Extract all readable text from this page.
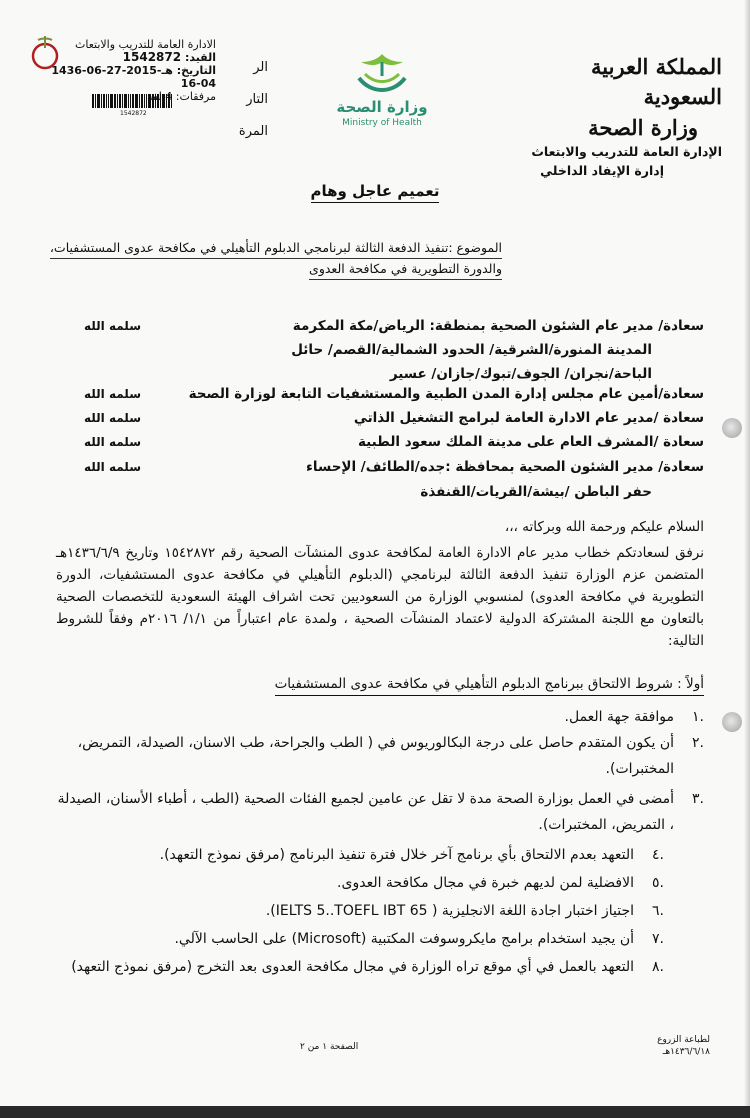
المملكة العربية السعودية
وزارة الصحة
الإدارة العامة للتدريب والابتعاث
إدارة الإيفاد الداخلي
وزارة الصحة
Ministry of Health
الادارة العامة للتدريب والابتعاث
القيد: 1542872
التاريخ: 1436-06-27هـ-2015-04-16
مرفقات:
1542872
الر
التار
المرة
تعميم عاجل وهام
الموضوع :تنفيذ الدفعة الثالثة لبرنامجي الدبلوم التأهيلي في مكافحة عدوى المستشفيات،
والدورة التطويرية في مكافحة العدوى
سلمه الله	سعادة/ مدير عام الشئون الصحية بمنطقة: الرياض/مكة المكرمة
المدينة المنورة/الشرقية/ الحدود الشمالية/القصم/ حائل
الباحة/نجران/ الجوف/تبوك/جازان/ عسير
سلمه الله	سعادة/أمين عام مجلس إدارة المدن الطبية والمستشفيات التابعة لوزارة الصحة
سلمه الله	سعادة /مدير عام الادارة العامة لبرامج التشغيل الذاتي
سلمه الله	سعادة /المشرف العام على مدينة الملك سعود الطبية
سلمه الله	سعادة/ مدير الشئون الصحية بمحافظة :جده/الطائف/ الإحساء
حفر الباطن /بيشة/القريات/القنفذة
السلام عليكم ورحمة الله وبركاته ،،،
نرفق لسعادتكم خطاب مدير عام الادارة العامة لمكافحة عدوى المنشآت الصحية رقم ١٥٤٢٨٧٢ وتاريخ ١٤٣٦/٦/٩هـ المتضمن عزم الوزارة تنفيذ الدفعة الثالثة لبرنامجي (الدبلوم التأهيلي في مكافحة عدوى المستشفيات، الدورة التطويرية في مكافحة العدوى) لمنسوبي الوزارة من السعوديين تحت اشراف الهيئة السعودية للتخصصات الصحية بالتعاون مع اللجنة المشتركة الدولية لاعتماد المنشآت الصحية ، ولمدة عام اعتباراً من ١/١/ ٢٠١٦م وفقاً للشروط التالية:
أولاً : شروط الالتحاق ببرنامج الدبلوم التأهيلي في مكافحة عدوى المستشفيات
.١
موافقة جهة العمل.
.٢
أن يكون المتقدم حاصل على درجة البكالوريوس في ( الطب والجراحة، طب الاسنان، الصيدلة، التمريض، المختبرات).
.٣
أمضى في العمل بوزارة الصحة مدة لا تقل عن عامين لجميع الفئات الصحية (الطب ، أطباء الأسنان، الصيدلة ، التمريض، المختبرات).
.٤
التعهد بعدم الالتحاق بأي برنامج آخر خلال فترة تنفيذ البرنامج (مرفق نموذج التعهد).
.٥
الافضلية لمن لديهم خبرة في مجال مكافحة العدوى.
.٦
اجتياز اختبار اجادة اللغة الانجليزية ( IELTS 5..TOEFL IBT 65).
.٧
أن يجيد استخدام برامج مايكروسوفت المكتبية (Microsoft) على الحاسب الآلي.
.٨
التعهد بالعمل في أي موقع تراه الوزارة في مجال مكافحة العدوى بعد التخرج (مرفق نموذج التعهد)
الصفحة ١ من ٢
لطباعة الزروع
١٤٣٦/٦/١٨هـ
